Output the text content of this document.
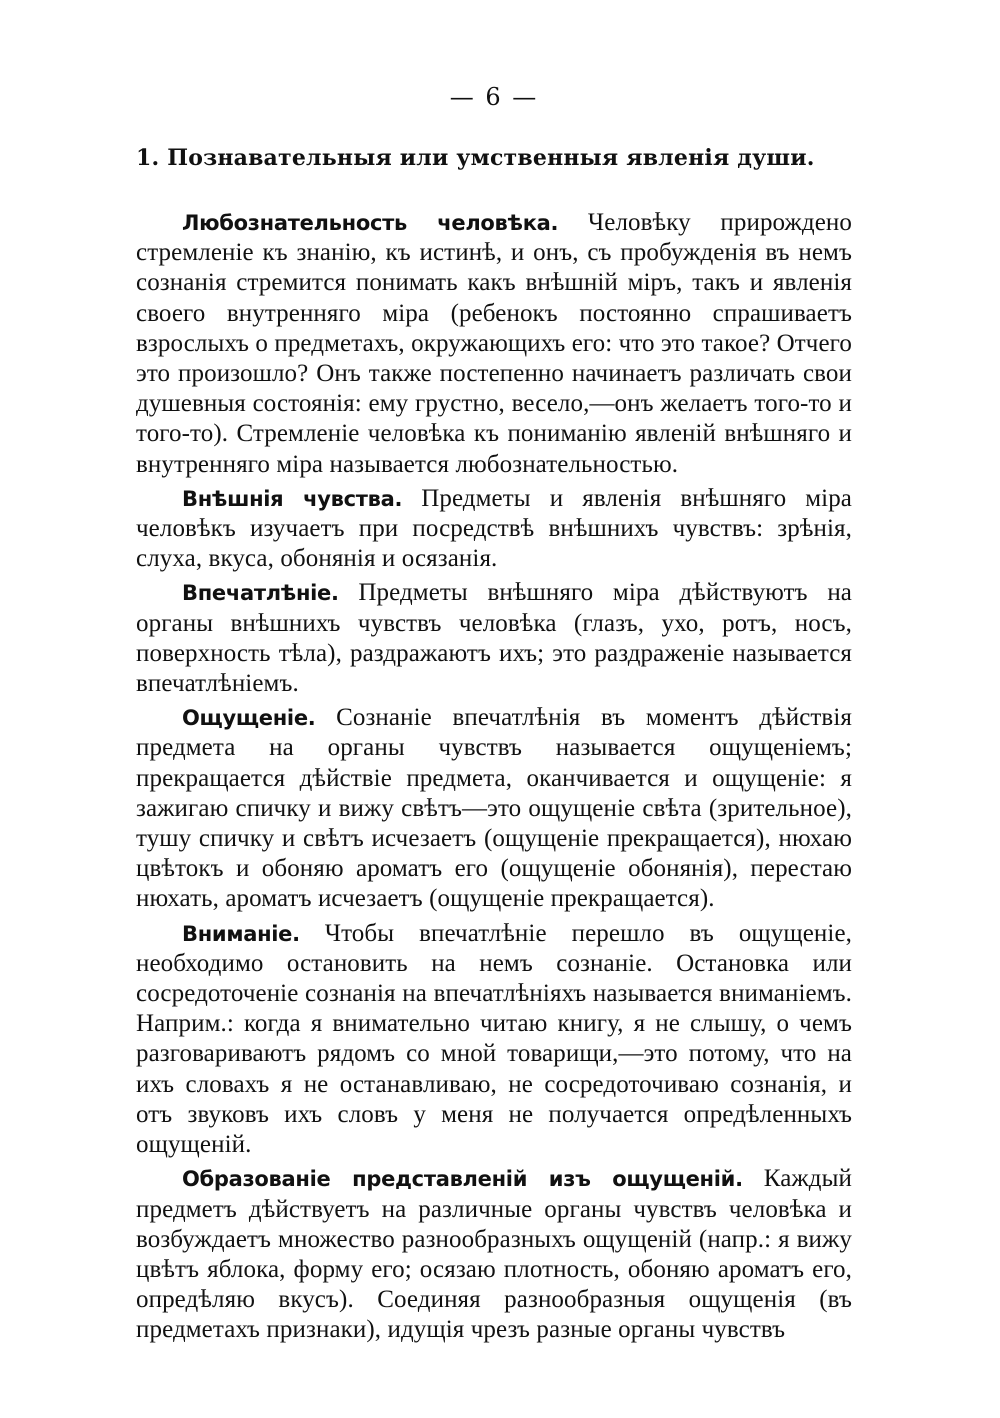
— 6 —
1. Познавательныя или умственныя явленія души.

Любознательность человѣка. Человѣку прирождено стремленіе къ знанію, къ истинѣ, и онъ, съ пробужденія въ немъ сознанія стремится понимать какъ внѣшній міръ, такъ и явленія своего внутренняго міра (ребенокъ постоянно спрашиваетъ взрослыхъ о предметахъ, окружающихъ его: что это такое? Отчего это произошло? Онъ также постепенно начинаетъ различать свои душевныя состоянія: ему грустно, весело,—онъ желаетъ того-то и того-то). Стремленіе человѣка къ пониманію явленій внѣшняго и внутренняго міра называется любознательностью.

Внѣшнія чувства. Предметы и явленія внѣшняго міра человѣкъ изучаетъ при посредствѣ внѣшнихъ чувствъ: зрѣнія, слуха, вкуса, обонянія и осязанія.

Впечатлѣніе. Предметы внѣшняго міра дѣйствуютъ на органы внѣшнихъ чувствъ человѣка (глазъ, ухо, ротъ, носъ, поверхность тѣла), раздражаютъ ихъ; это раздраженіе называется впечатлѣніемъ.

Ощущеніе. Сознаніе впечатлѣнія въ моментъ дѣйствія предмета на органы чувствъ называется ощущеніемъ; прекращается дѣйствіе предмета, оканчивается и ощущеніе: я зажигаю спичку и вижу свѣтъ—это ощущеніе свѣта (зрительное), тушу спичку и свѣтъ исчезаетъ (ощущеніе прекращается), нюхаю цвѣтокъ и обоняю ароматъ его (ощущеніе обонянія), перестаю нюхать, ароматъ исчезаетъ (ощущеніе прекращается).

Вниманіе. Чтобы впечатлѣніе перешло въ ощущеніе, необходимо остановить на немъ сознаніе. Остановка или сосредоточеніе сознанія на впечатлѣніяхъ называется вниманіемъ. Наприм.: когда я внимательно читаю книгу, я не слышу, о чемъ разговариваютъ рядомъ со мной товарищи,—это потому, что на ихъ словахъ я не останавливаю, не сосредоточиваю сознанія, и отъ звуковъ ихъ словъ у меня не получается опредѣленныхъ ощущеній.

Образованіе представленій изъ ощущеній. Каждый предметъ дѣйствуетъ на различные органы чувствъ человѣка и возбуждаетъ множество разнообразныхъ ощущеній (напр.: я вижу цвѣтъ яблока, форму его; осязаю плотность, обоняю ароматъ его, опредѣляю вкусъ). Соединяя разнообразныя ощущенія (въ предметахъ признаки), идущія чрезъ разные органы чувствъ
